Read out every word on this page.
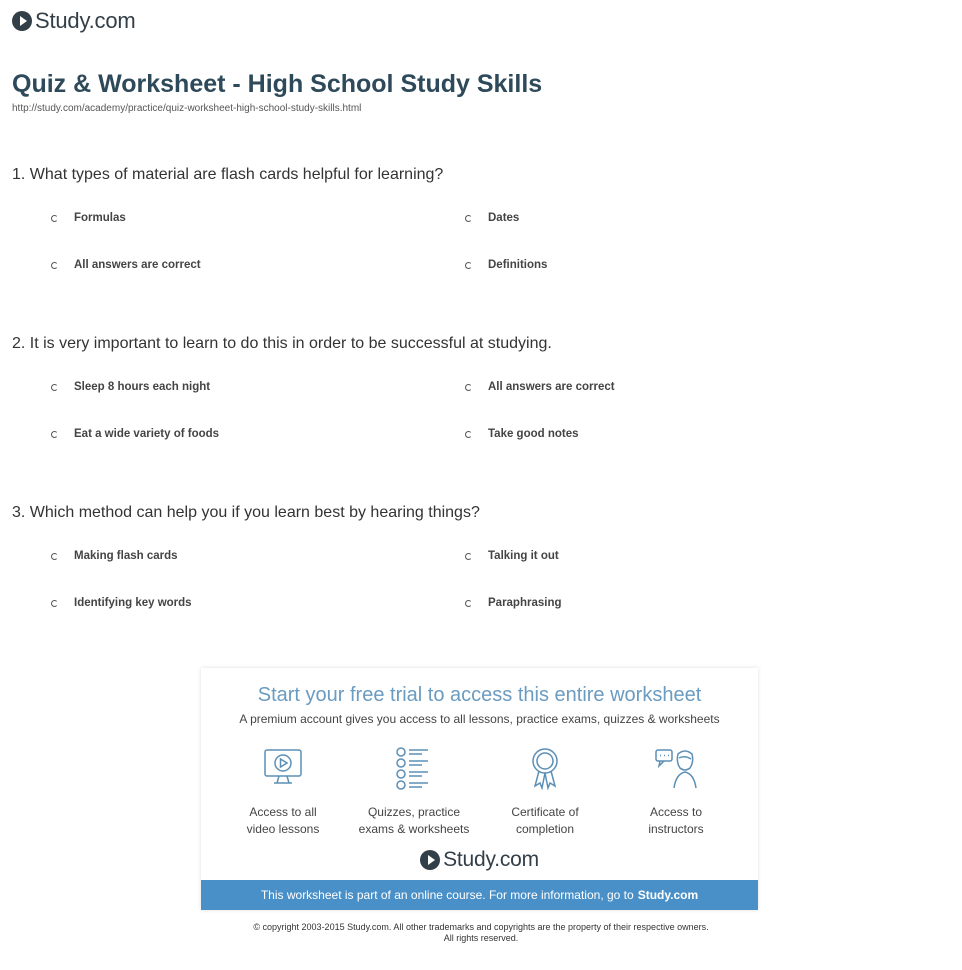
Study.com
Quiz & Worksheet - High School Study Skills
http://study.com/academy/practice/quiz-worksheet-high-school-study-skills.html
1. What types of material are flash cards helpful for learning?
Formulas	Dates
All answers are correct	Definitions
2. It is very important to learn to do this in order to be successful at studying.
Sleep 8 hours each night	All answers are correct
Eat a wide variety of foods	Take good notes
3. Which method can help you if you learn best by hearing things?
Making flash cards	Talking it out
Identifying key words	Paraphrasing
Start your free trial to access this entire worksheet
A premium account gives you access to all lessons, practice exams, quizzes & worksheets
Access to all
video lessons
Quizzes, practice
exams & worksheets
Certificate of
completion
Access to
instructors
Study.com
This worksheet is part of an online course. For more information, go to Study.com
© copyright 2003-2015 Study.com. All other trademarks and copyrights are the property of their respective owners.
All rights reserved.
